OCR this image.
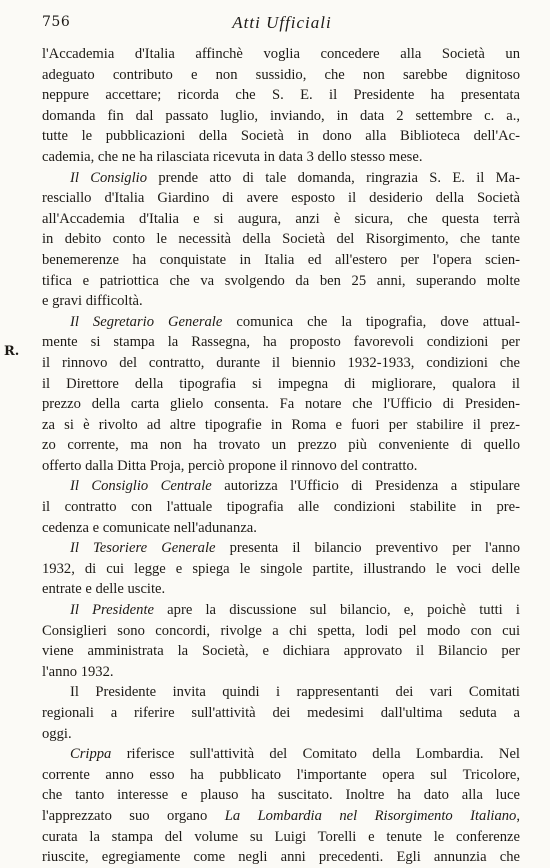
756	Atti Ufficiali
R.
l'Accademia d'Italia affinchè voglia concedere alla Società un
adeguato contributo e non sussidio, che non sarebbe dignitoso
neppure accettare; ricorda che S. E. il Presidente ha presentata
domanda fin dal passato luglio, inviando, in data 2 settembre c. a.,
tutte le pubblicazioni della Società in dono alla Biblioteca dell'Ac-
cademia, che ne ha rilasciata ricevuta in data 3 dello stesso mese.
Il Consiglio prende atto di tale domanda, ringrazia S. E. il Ma-
resciallo d'Italia Giardino di avere esposto il desiderio della Società
all'Accademia d'Italia e si augura, anzi è sicura, che questa terrà
in debito conto le necessità della Società del Risorgimento, che tante
benemerenze ha conquistate in Italia ed all'estero per l'opera scien-
tifica e patriottica che va svolgendo da ben 25 anni, superando molte
e gravi difficoltà.
Il Segretario Generale comunica che la tipografia, dove attual-
mente si stampa la Rassegna, ha proposto favorevoli condizioni per
il rinnovo del contratto, durante il biennio 1932-1933, condizioni che
il Direttore della tipografia si impegna di migliorare, qualora il
prezzo della carta glielo consenta. Fa notare che l'Ufficio di Presiden-
za si è rivolto ad altre tipografie in Roma e fuori per stabilire il prez-
zo corrente, ma non ha trovato un prezzo più conveniente di quello
offerto dalla Ditta Proja, perciò propone il rinnovo del contratto.
Il Consiglio Centrale autorizza l'Ufficio di Presidenza a stipulare
il contratto con l'attuale tipografia alle condizioni stabilite in pre-
cedenza e comunicate nell'adunanza.
Il Tesoriere Generale presenta il bilancio preventivo per l'anno
1932, di cui legge e spiega le singole partite, illustrando le voci delle
entrate e delle uscite.
Il Presidente apre la discussione sul bilancio, e, poichè tutti i
Consiglieri sono concordi, rivolge a chi spetta, lodi pel modo con cui
viene amministrata la Società, e dichiara approvato il Bilancio per
l'anno 1932.
Il Presidente invita quindi i rappresentanti dei vari Comitati
regionali a riferire sull'attività dei medesimi dall'ultima seduta a
oggi.
Crippa riferisce sull'attività del Comitato della Lombardia. Nel
corrente anno esso ha pubblicato l'importante opera sul Tricolore,
che tanto interesse e plauso ha suscitato. Inoltre ha dato alla luce
l'apprezzato suo organo La Lombardia nel Risorgimento Italiano,
curata la stampa del volume su Luigi Torelli e tenute le conferenze
riuscite, egregiamente come negli anni precedenti. Egli annunzia che
